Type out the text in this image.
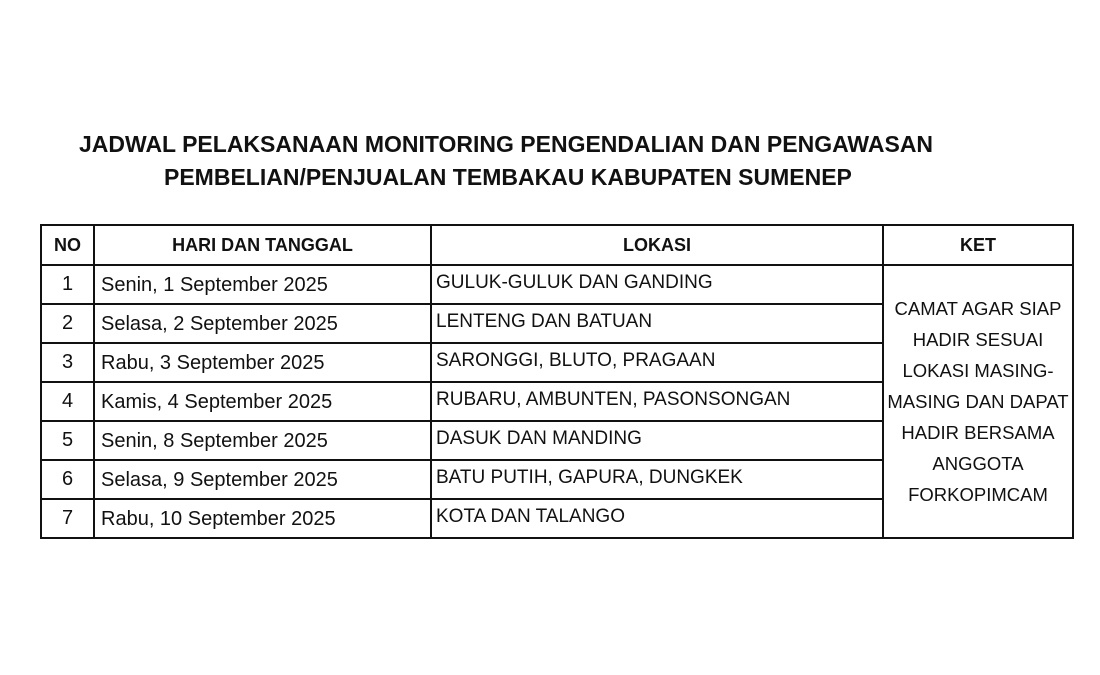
JADWAL PELAKSANAAN MONITORING PENGENDALIAN DAN PENGAWASAN
PEMBELIAN/PENJUALAN TEMBAKAU KABUPATEN SUMENEP
NO	HARI DAN TANGGAL	LOKASI	KET
1	Senin, 1 September 2025	GULUK-GULUK DAN GANDING	
CAMAT AGAR SIAP
HADIR SESUAI
LOKASI MASING-
MASING DAN DAPAT
HADIR BERSAMA
ANGGOTA
FORKOPIMCAM

2	Selasa, 2 September 2025	LENTENG DAN BATUAN	
3	Rabu, 3 September 2025	SARONGGI, BLUTO, PRAGAAN	
4	Kamis, 4 September 2025	RUBARU, AMBUNTEN, PASONSONGAN	
5	Senin, 8 September 2025	DASUK DAN MANDING	
6	Selasa, 9 September 2025	BATU PUTIH, GAPURA, DUNGKEK	
7	Rabu, 10 September 2025	KOTA DAN TALANGO	
